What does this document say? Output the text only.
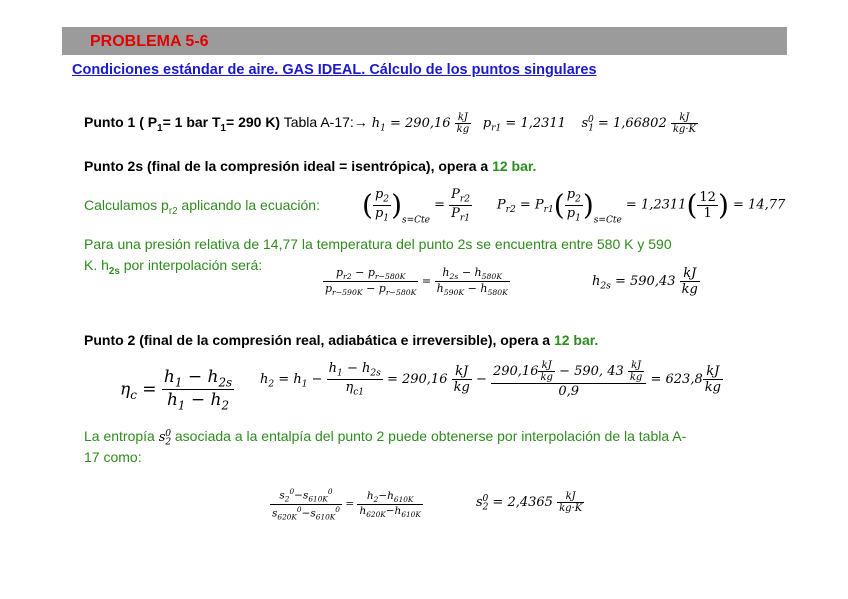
PROBLEMA 5-6
Condiciones estándar de aire. GAS IDEAL. Cálculo de los puntos singulares
Punto 1 ( $P_1= 1$ bar $T_1= 290$ K) Tabla A-17:→ $h_1 = 290,16 \frac{kJ}{kg} p_{r1} = 1,2311$ $s_1^0 = 1,66802 \frac{kJ}{kg\cdot K}$
Punto 2s (final de la compresión ideal = isentrópica), opera a 12 bar.
Calculamos $p_{r2}$ aplicando la ecuación: ( $\frac{p_2}{p_1} )_{s=Cte} = \frac{P_{r2}}{P_{r1}} P_{r2} = P_{r1}( \frac{p_2}{p_1} )_{s=Cte} = 1,2311( \frac{12}{1}$ ) = 14,77
Para una presión relativa de 14,77 la temperatura del punto 2s se encuentra entre 580 K y 590
K. $h_{2s}$ por interpolación será:
$\frac{p_{r2} - p_{r-580K}}{p_{r-590K} - p_{r-580K}} = \frac{h_{2s} - h_{580K}}{h_{590K} - h_{580K}}$	$h_{2s} = 590,43 \frac{kJ}{kg}$
Punto 2 (final de la compresión real, adiabática e irreversible), opera a 12 bar.
$\eta_c = \frac{h_1 - h_{2s}}{h_1 - h_2} h_2 = h_1 - \frac{h_1 - h_{2s}}{\eta_{c1}} = 290,16 \frac{kJ}{kg} - \frac{290,16 \frac{kJ}{kg} - 590, 43 \frac{kJ}{kg}}{0,9} = 623,8 \frac{kJ}{kg}$
La entropía $s_2^0$ asociada a la entalpía del punto 2 puede obtenerse por interpolación de la tabla A-
17 como:
$\frac{s_2^0-s_{610K}^0}{s_{620K}^0-s_{610K}^0} = \frac{h_2-h_{610K}}{h_{620K}-h_{610K}}$	$s_2^0 = 2,4365 \frac{kJ}{kg\cdot K}$
